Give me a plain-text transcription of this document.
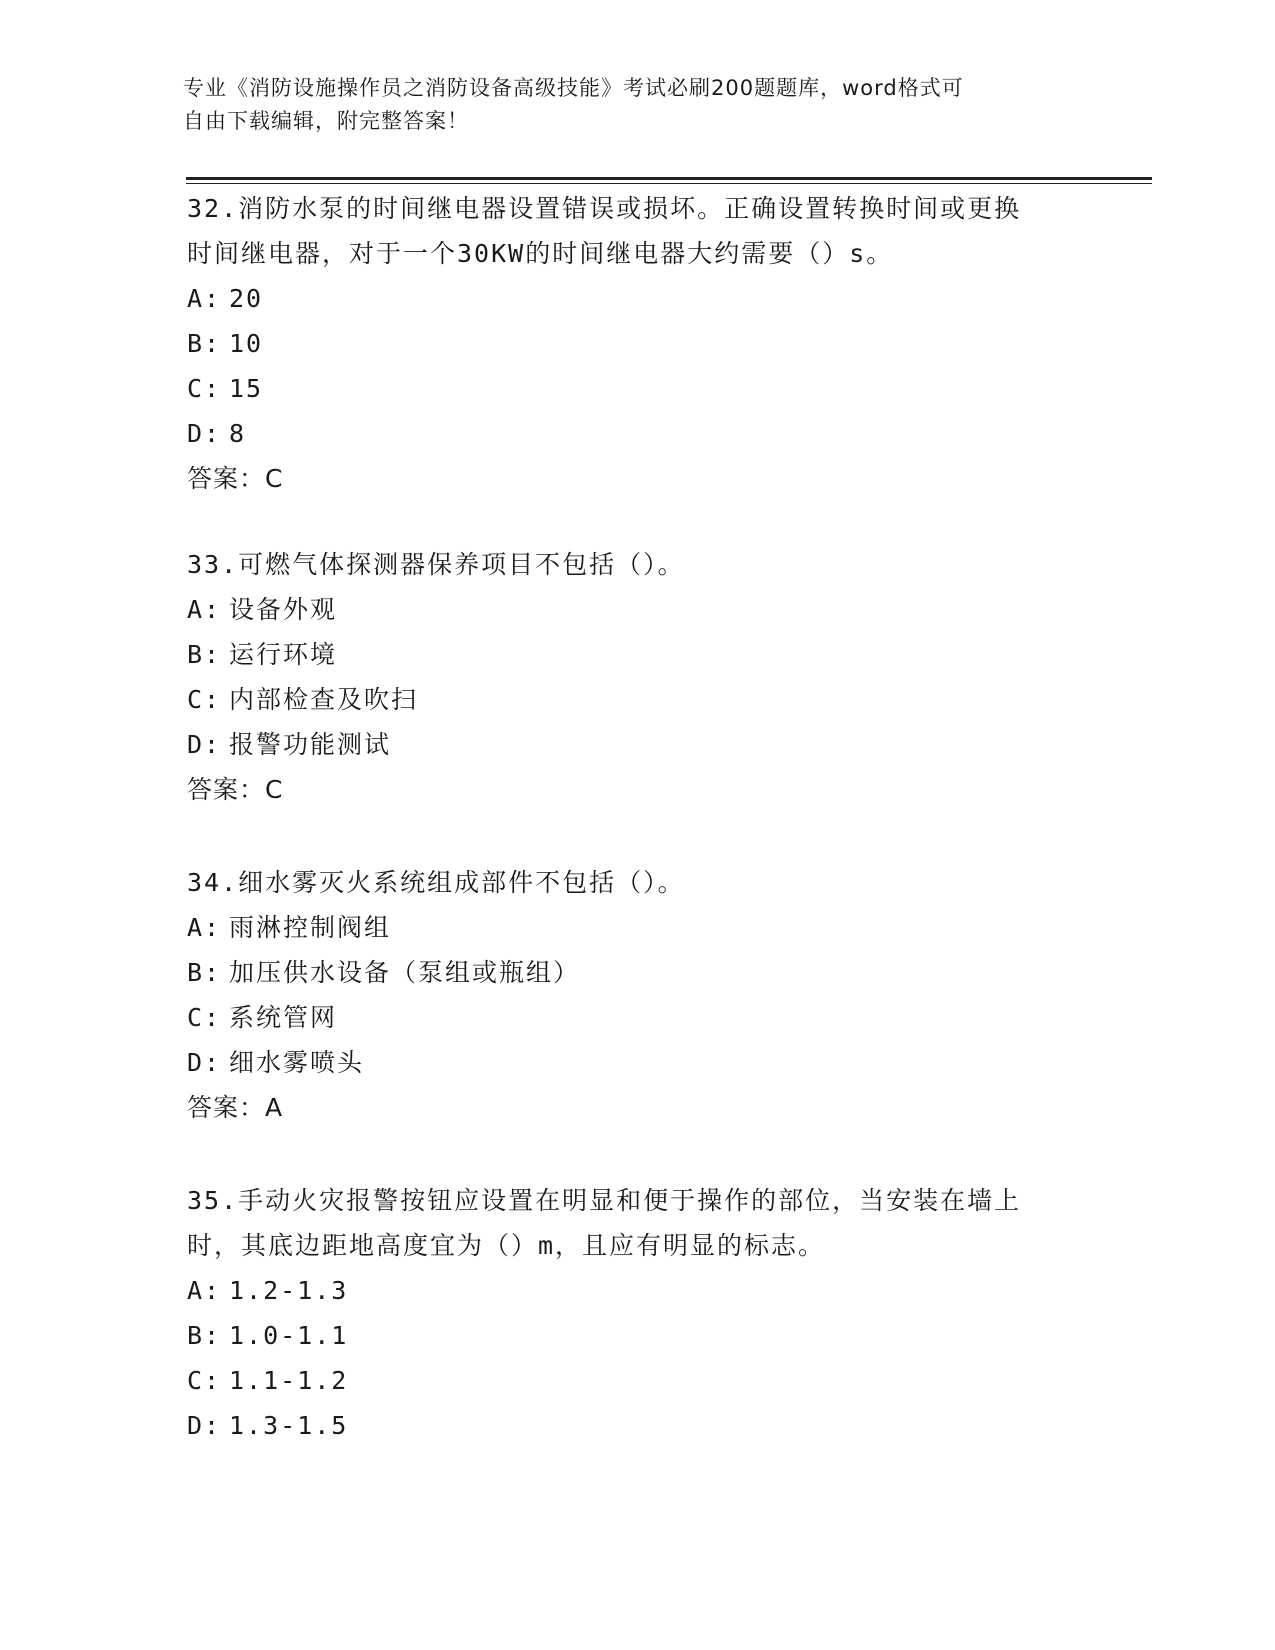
专业《消防设施操作员之消防设备高级技能》考试必刷200题题库，word格式可
自由下载编辑，附完整答案！

32.消防水泵的时间继电器设置错误或损坏。正确设置转换时间或更换

时间继电器，对于一个30KW的时间继电器大约需要（）s。

A: 20
B: 10
C: 15
D: 8

答案：C

33.可燃气体探测器保养项目不包括（）。

A: 设备外观
B: 运行环境
C: 内部检查及吹扫
D: 报警功能测试

答案：C

34.细水雾灭火系统组成部件不包括（）。

A: 雨淋控制阀组
B: 加压供水设备（泵组或瓶组）
C: 系统管网
D: 细水雾喷头

答案：A

35.手动火灾报警按钮应设置在明显和便于操作的部位，当安装在墙上

时，其底边距地高度宜为（）m，且应有明显的标志。

A: 1.2-1.3
B: 1.0-1.1
C: 1.1-1.2
D: 1.3-1.5
